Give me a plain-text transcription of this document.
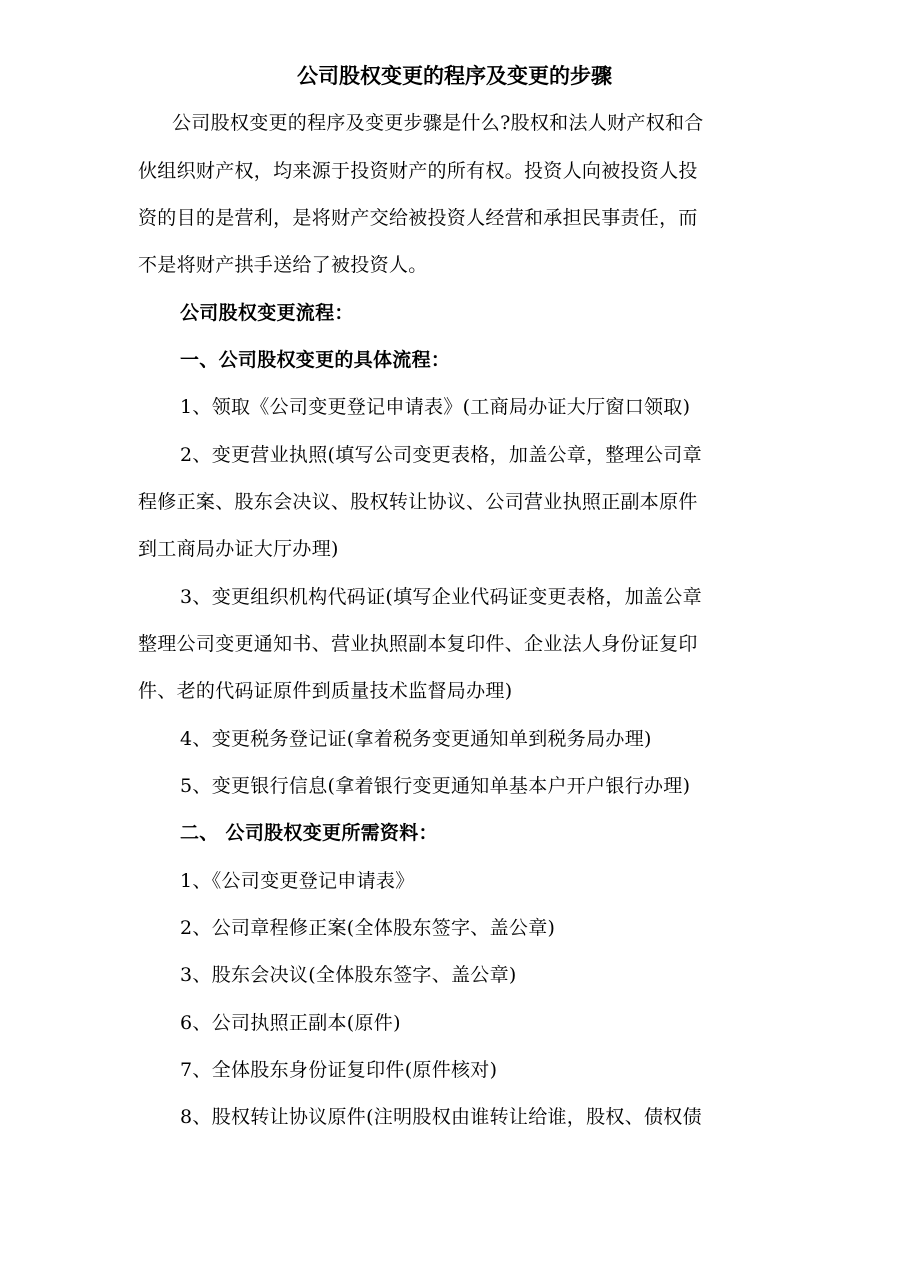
公司股权变更的程序及变更的步骤
公司股权变更的程序及变更步骤是什么?股权和法人财产权和合
伙组织财产权，均来源于投资财产的所有权。投资人向被投资人投
资的目的是营利，是将财产交给被投资人经营和承担民事责任，而
不是将财产拱手送给了被投资人。
公司股权变更流程：
一、公司股权变更的具体流程：
1、领取《公司变更登记申请表》(工商局办证大厅窗口领取)
2、变更营业执照(填写公司变更表格，加盖公章，整理公司章
程修正案、股东会决议、股权转让协议、公司营业执照正副本原件
到工商局办证大厅办理)
3、变更组织机构代码证(填写企业代码证变更表格，加盖公章
整理公司变更通知书、营业执照副本复印件、企业法人身份证复印
件、老的代码证原件到质量技术监督局办理)
4、变更税务登记证(拿着税务变更通知单到税务局办理)
5、变更银行信息(拿着银行变更通知单基本户开户银行办理)
二、 公司股权变更所需资料：
1、《公司变更登记申请表》
2、公司章程修正案(全体股东签字、盖公章)
3、股东会决议(全体股东签字、盖公章)
6、公司执照正副本(原件)
7、全体股东身份证复印件(原件核对)
8、股权转让协议原件(注明股权由谁转让给谁，股权、债权债
